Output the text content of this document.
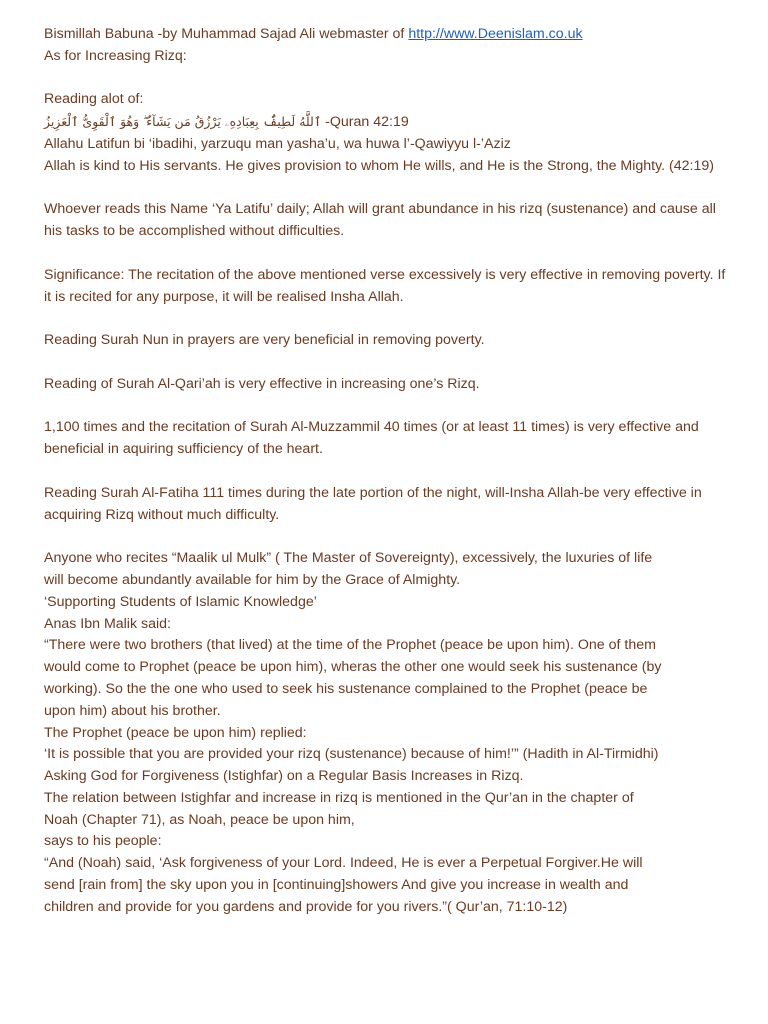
Bismillah Babuna -by Muhammad Sajad Ali webmaster of http://www.Deenislam.co.uk
As for Increasing Rizq:
Reading alot of:
ٱللَّهُ لَطِيفٌۢ بِعِبَادِهِۦ يَرْزُقُ مَن يَشَآءُ ۖ وَهُوَ ٱلْقَوِىُّ ٱلْعَزِيزُ -Quran 42:19
Allahu Latifun bi ‘ibadihi, yarzuqu man yasha’u, wa huwa l’-Qawiyyu l-’Aziz
Allah is kind to His servants. He gives provision to whom He wills, and He is the Strong, the Mighty. (42:19)
Whoever reads this Name ‘Ya Latifu’ daily; Allah will grant abundance in his rizq (sustenance) and cause all his tasks to be accomplished without difficulties.
Significance: The recitation of the above mentioned verse excessively is very effective in removing poverty. If it is recited for any purpose, it will be realised Insha Allah.
Reading Surah Nun in prayers are very beneficial in removing poverty.
Reading of Surah Al-Qari’ah is very effective in increasing one’s Rizq.
1,100 times and the recitation of Surah Al-Muzzammil 40 times (or at least 11 times) is very effective and beneficial in aquiring sufficiency of the heart.
Reading Surah Al-Fatiha 111 times during the late portion of the night, will-Insha Allah-be very effective in acquiring Rizq without much difficulty.
Anyone who recites “Maalik ul Mulk” ( The Master of Sovereignty), excessively, the luxuries of life
will become abundantly available for him by the Grace of Almighty.
‘Supporting Students of Islamic Knowledge’
Anas Ibn Malik said:
“There were two brothers (that lived) at the time of the Prophet (peace be upon him). One of them
would come to Prophet (peace be upon him), wheras the other one would seek his sustenance (by
working). So the the one who used to seek his sustenance complained to the Prophet (peace be
upon him) about his brother.
The Prophet (peace be upon him) replied:
‘It is possible that you are provided your rizq (sustenance) because of him!’” (Hadith in Al-Tirmidhi)
Asking God for Forgiveness (Istighfar) on a Regular Basis Increases in Rizq.
The relation between Istighfar and increase in rizq is mentioned in the Qur’an in the chapter of
Noah (Chapter 71), as Noah, peace be upon him,
says to his people:
“And (Noah) said, ‘Ask forgiveness of your Lord. Indeed, He is ever a Perpetual Forgiver.He will
send [rain from] the sky upon you in [continuing]showers And give you increase in wealth and
children and provide for you gardens and provide for you rivers.”( Qur’an, 71:10-12)
